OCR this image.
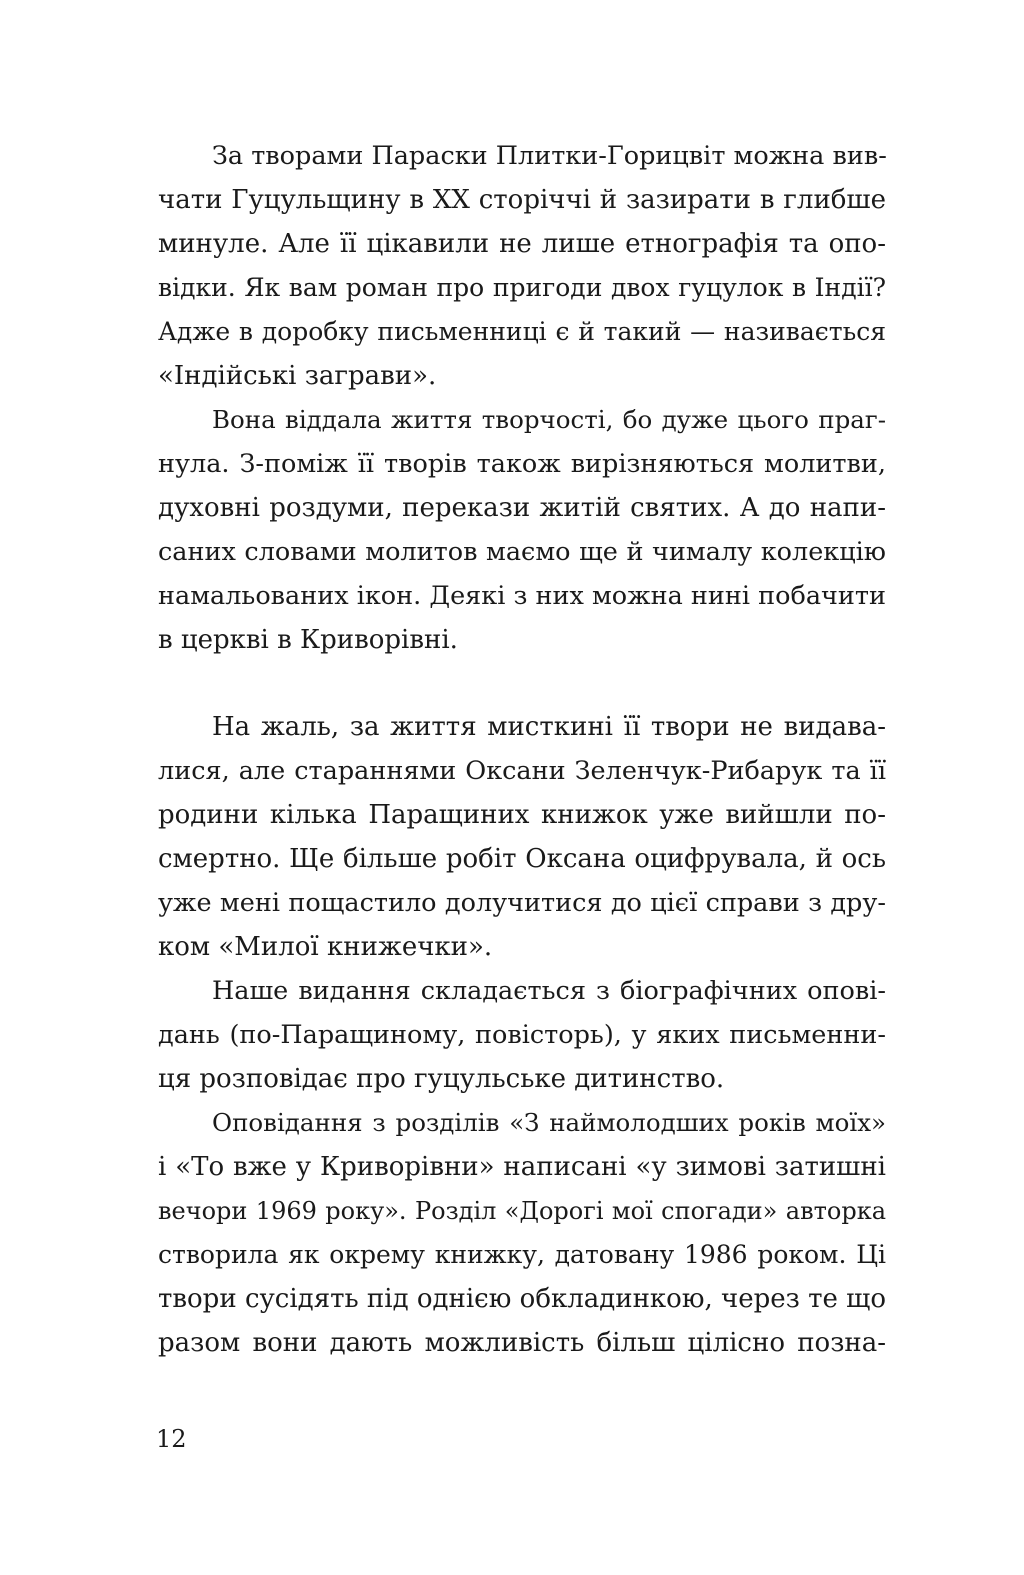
За творами Параски Плитки-Горицвіт можна вив-
чати Гуцульщину в XX сторіччі й зазирати в глибше
минуле. Але її цікавили не лише етнографія та опо-
відки. Як вам роман про пригоди двох гуцулок в Індії?
Адже в доробку письменниці є й такий — називається
«Індійські заграви».
Вона віддала життя творчості, бо дуже цього праг-
нула. З-поміж її творів також вирізняються молитви,
духовні роздуми, перекази житій святих. А до напи-
саних словами молитов маємо ще й чималу колекцію
намальованих ікон. Деякі з них можна нині побачити
в церкві в Криворівні.
На жаль, за життя мисткині її твори не видава-
лися, але стараннями Оксани Зеленчук-Рибарук та її
родини кілька Паращиних книжок уже вийшли по-
смертно. Ще більше робіт Оксана оцифрувала, й ось
уже мені пощастило долучитися до цієї справи з дру-
ком «Милої книжечки».
Наше видання складається з біографічних опові-
дань (по-Паращиному, повісторь), у яких письменни-
ця розповідає про гуцульське дитинство.
Оповідання з розділів «З наймолодших років моїх»
і «То вже у Криворівни» написані «у зимові затишні
вечори 1969 року». Розділ «Дорогі мої спогади» авторка
створила як окрему книжку, датовану 1986 роком. Ці
твори сусідять під однією обкладинкою, через те що
разом вони дають можливість більш цілісно позна-
12
